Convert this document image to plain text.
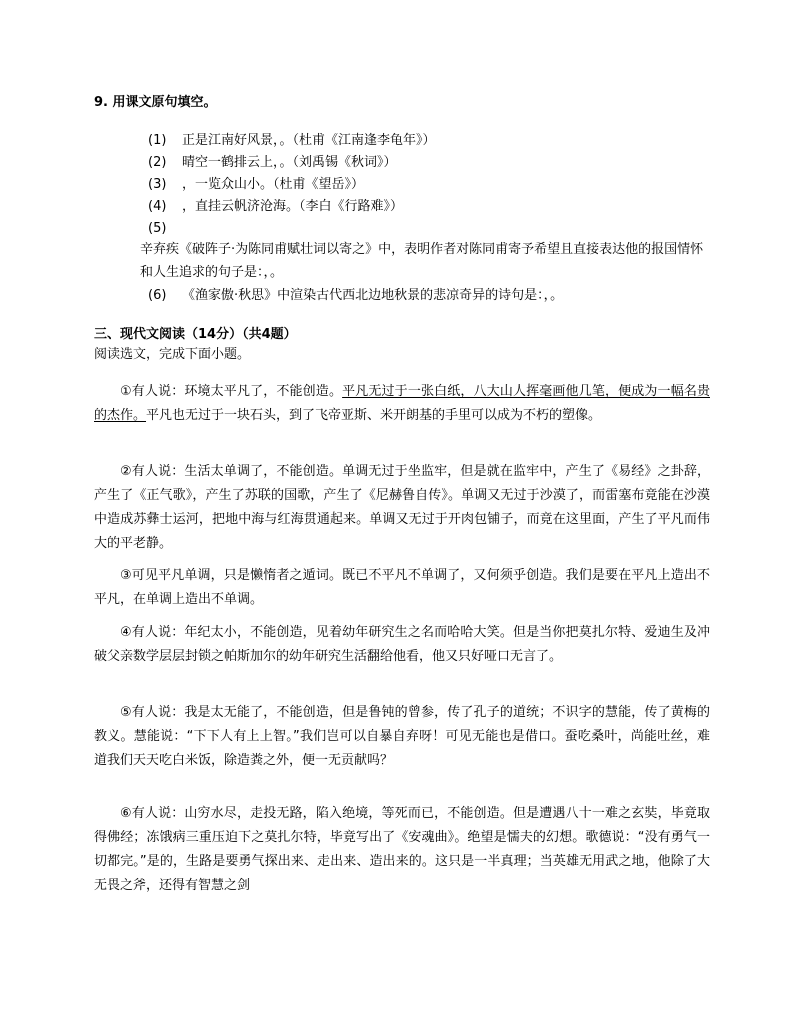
9. 用课文原句填空。
(1) 正是江南好风景，。（杜甫《江南逢李龟年》）
(2) 晴空一鹤排云上，。（刘禹锡《秋词》）
(3) ，一览众山小。（杜甫《望岳》）
(4) ，直挂云帆济沧海。（李白《行路难》）
(5)
辛弃疾《破阵子·为陈同甫赋壮词以寄之》中，表明作者对陈同甫寄予希望且直接表达他的报国情怀和人生追求的句子是：，。
(6) 《渔家傲·秋思》中渲染古代西北边地秋景的悲凉奇异的诗句是：，。
三、现代文阅读（14分）（共4题）
阅读选文，完成下面小题。
①有人说：环境太平凡了，不能创造。平凡无过于一张白纸，八大山人挥毫画他几笔，便成为一幅名贵的杰作。平凡也无过于一块石头，到了飞帝亚斯、米开朗基的手里可以成为不朽的塑像。
②有人说：生活太单调了，不能创造。单调无过于坐监牢，但是就在监牢中，产生了《易经》之卦辞，产生了《正气歌》，产生了苏联的国歌，产生了《尼赫鲁自传》。单调又无过于沙漠了，而雷塞布竟能在沙漠中造成苏彝士运河，把地中海与红海贯通起来。单调又无过于开肉包铺子，而竟在这里面，产生了平凡而伟大的平老静。
③可见平凡单调，只是懒惰者之遁词。既已不平凡不单调了，又何须乎创造。我们是要在平凡上造出不平凡，在单调上造出不单调。
④有人说：年纪太小，不能创造，见着幼年研究生之名而哈哈大笑。但是当你把莫扎尔特、爱迪生及冲破父亲数学层层封锁之帕斯加尔的幼年研究生活翻给他看，他又只好哑口无言了。
⑤有人说：我是太无能了，不能创造，但是鲁钝的曾参，传了孔子的道统；不识字的慧能，传了黄梅的教义。慧能说：“下下人有上上智。”我们岂可以自暴自弃呀！可见无能也是借口。蚕吃桑叶，尚能吐丝，难道我们天天吃白米饭，除造粪之外，便一无贡献吗？
⑥有人说：山穷水尽，走投无路，陷入绝境，等死而已，不能创造。但是遭遇八十一难之玄奘，毕竟取得佛经；冻饿病三重压迫下之莫扎尔特，毕竟写出了《安魂曲》。绝望是懦夫的幻想。歌德说：“没有勇气一切都完。”是的，生路是要勇气探出来、走出来、造出来的。这只是一半真理；当英雄无用武之地，他除了大无畏之斧，还得有智慧之剑
